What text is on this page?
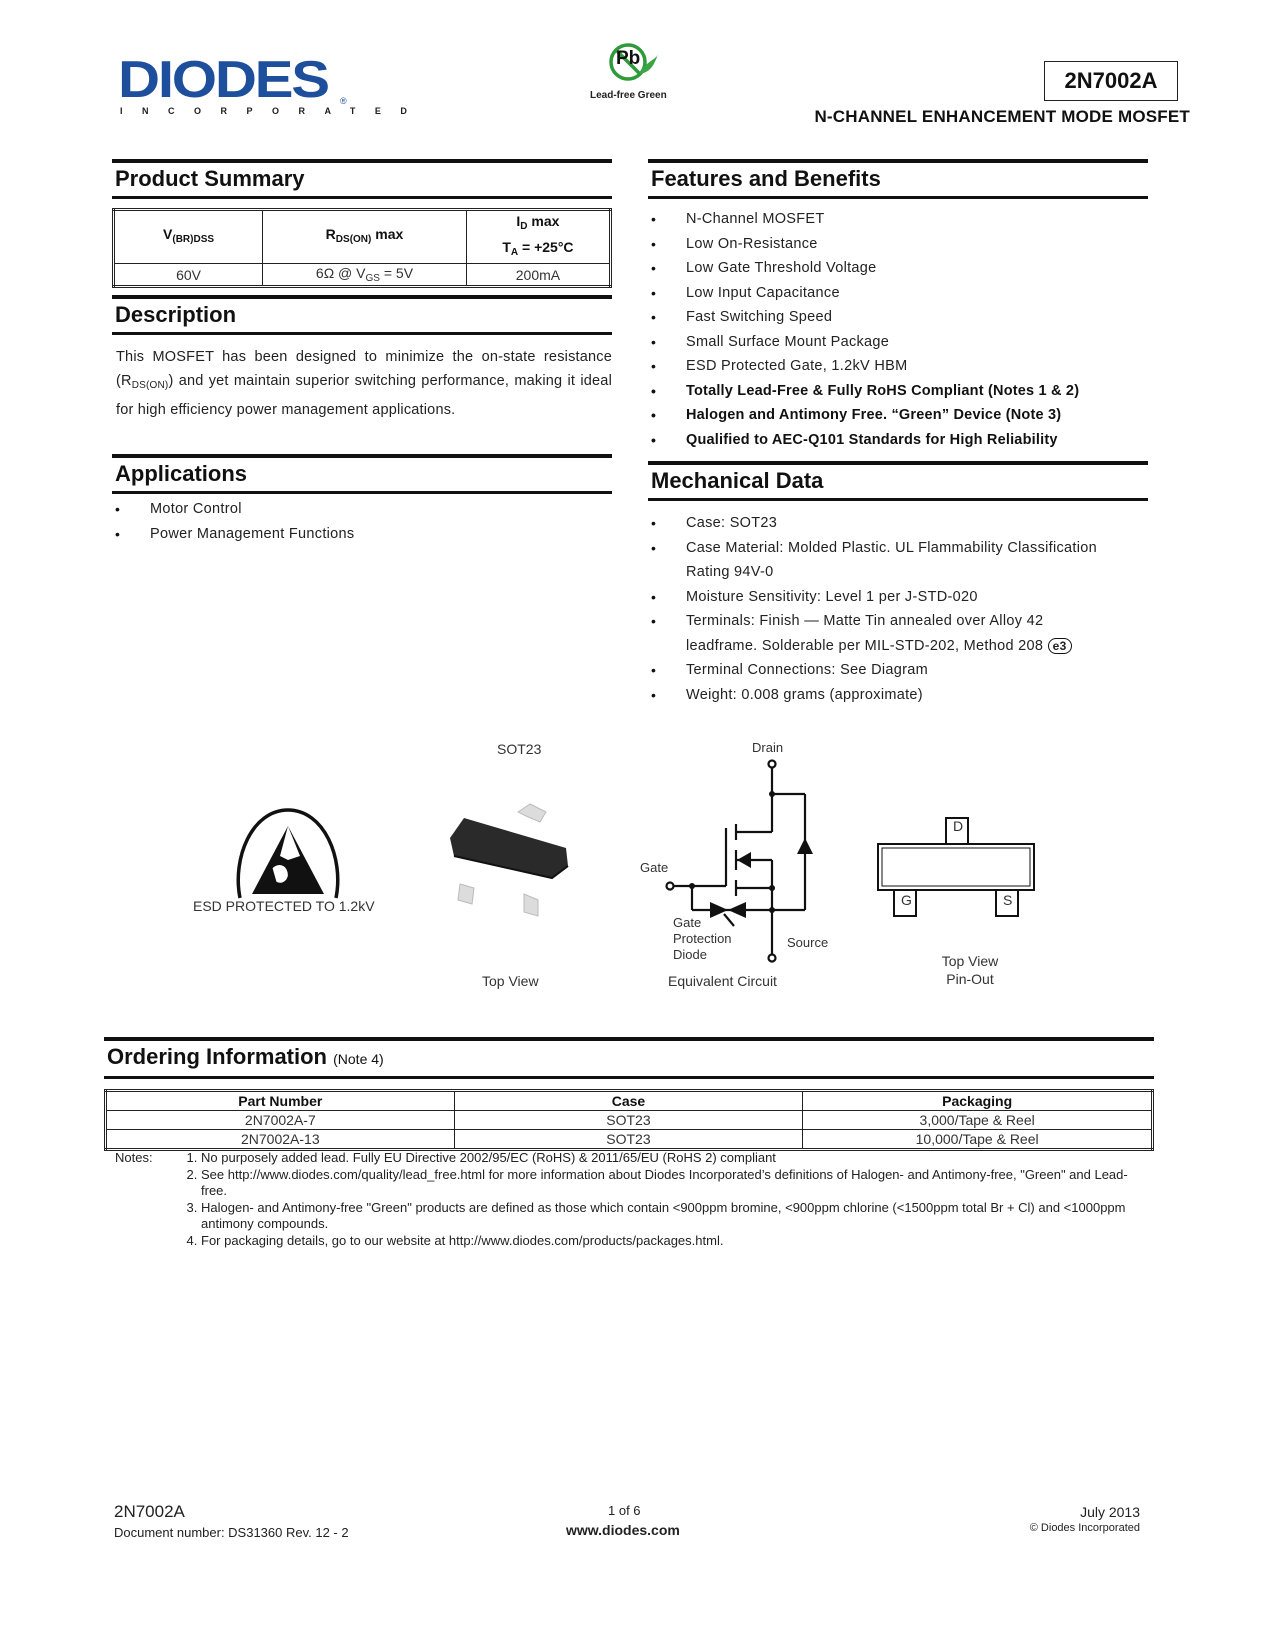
DIODES ®
INCORPORATED
Pb
Lead-free Green
2N7002A
N-CHANNEL ENHANCEMENT MODE MOSFET
Product Summary
$V_{(BR)DSS}$	$R_{DS(ON)}$ max	$I_D$ max
$T_A = +25^\circ C$
60V	6Ω @ $V_{GS} = 5V$	200mA
Description
This MOSFET has been designed to minimize the on-state resistance $(R_{DS(ON)})$ and yet maintain superior switching performance, making it ideal for high efficiency power management applications.
Applications
• Motor Control
• Power Management Functions
Features and Benefits
• N-Channel MOSFET
• Low On-Resistance
• Low Gate Threshold Voltage
• Low Input Capacitance
• Fast Switching Speed
• Small Surface Mount Package
• ESD Protected Gate, 1.2kV HBM
• Totally Lead-Free & Fully RoHS Compliant (Notes 1 & 2)
• Halogen and Antimony Free. “Green” Device (Note 3)
• Qualified to AEC-Q101 Standards for High Reliability
Mechanical Data
• Case: SOT23
• Case Material: Molded Plastic. UL Flammability Classification Rating 94V-0
• Moisture Sensitivity: Level 1 per J-STD-020
• Terminals: Finish — Matte Tin annealed over Alloy 42 leadframe. Solderable per MIL-STD-202, Method 208 e3
• Terminal Connections: See Diagram
• Weight: 0.008 grams (approximate)
ESD PROTECTED TO 1.2kV
SOT23
Top View
Drain
Gate
Source
Gate
Protection
Diode
Equivalent Circuit
D
G	S
Top View
Pin-Out
Ordering Information (Note 4)
Part Number	Case	Packaging
2N7002A-7	SOT23	3,000/Tape & Reel
2N7002A-13	SOT23	10,000/Tape & Reel
Notes:	1. No purposely added lead. Fully EU Directive 2002/95/EC (RoHS) & 2011/65/EU (RoHS 2) compliant
2. See http://www.diodes.com/quality/lead_free.html for more information about Diodes Incorporated’s definitions of Halogen- and Antimony-free, "Green" and Lead-free.
3. Halogen- and Antimony-free "Green" products are defined as those which contain <900ppm bromine, <900ppm chlorine (<1500ppm total Br + Cl) and <1000ppm antimony compounds.
4. For packaging details, go to our website at http://www.diodes.com/products/packages.html.
2N7002A
Document number: DS31360 Rev. 12 - 2
1 of 6
www.diodes.com
July 2013
© Diodes Incorporated
